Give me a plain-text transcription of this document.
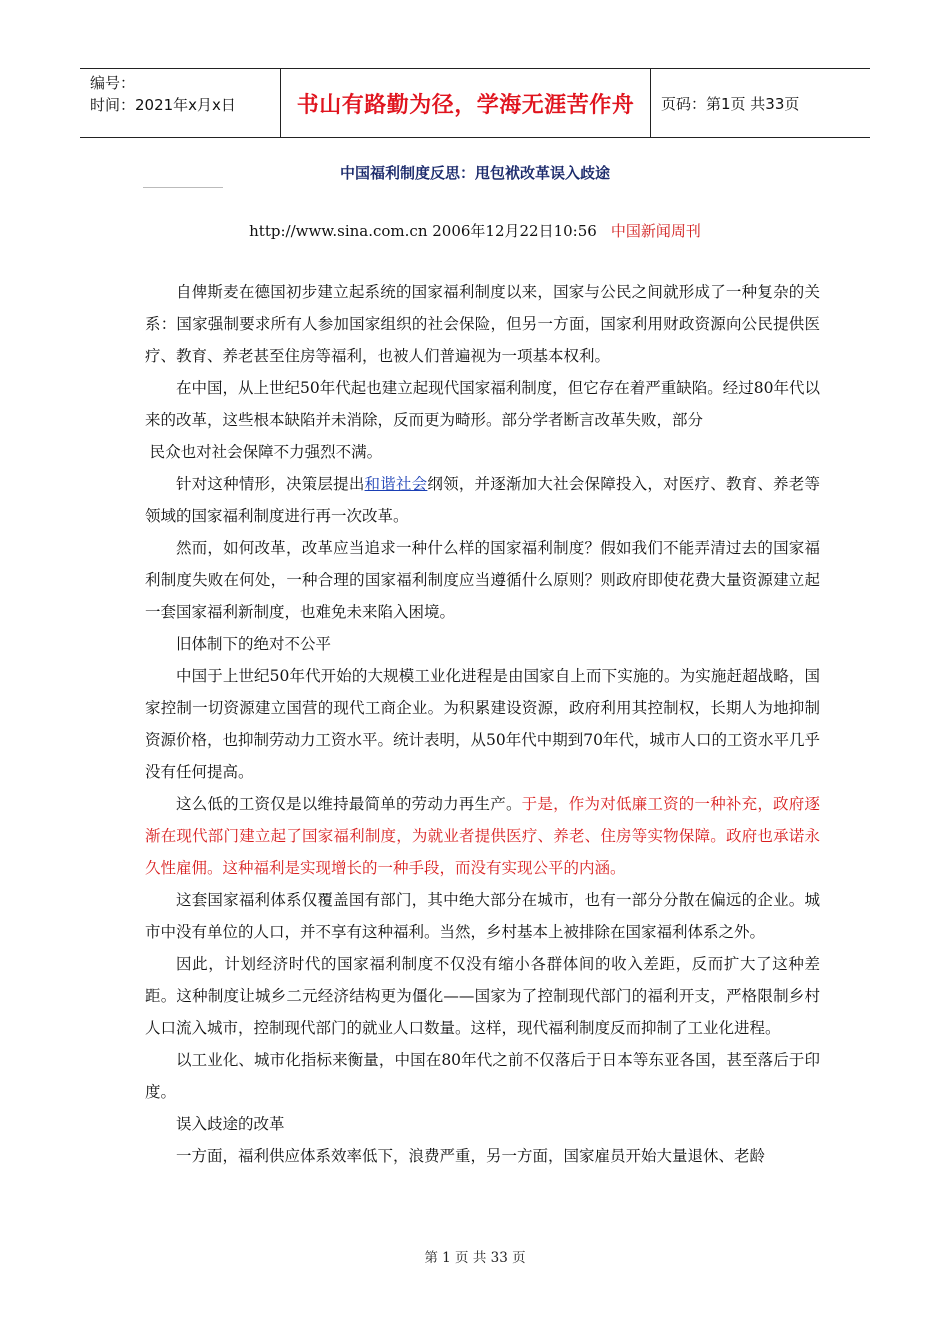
编号：
时间：2021年x月x日	书山有路勤为径，学海无涯苦作舟	页码：第1页 共33页
中国福利制度反思：甩包袱改革误入歧途
http://www.sina.com.cn 2006年12月22日10:56 中国新闻周刊

自俾斯麦在德国初步建立起系统的国家福利制度以来，国家与公民之间就形成了一种复杂的关系：国家强制要求所有人参加国家组织的社会保险，但另一方面，国家利用财政资源向公民提供医疗、教育、养老甚至住房等福利，也被人们普遍视为一项基本权利。

在中国，从上世纪50年代起也建立起现代国家福利制度，但它存在着严重缺陷。经过80年代以来的改革，这些根本缺陷并未消除，反而更为畸形。部分学者断言改革失败，部分

民众也对社会保障不力强烈不满。

针对这种情形，决策层提出和谐社会纲领，并逐渐加大社会保障投入，对医疗、教育、养老等领域的国家福利制度进行再一次改革。

然而，如何改革，改革应当追求一种什么样的国家福利制度？假如我们不能弄清过去的国家福利制度失败在何处，一种合理的国家福利制度应当遵循什么原则？则政府即使花费大量资源建立起一套国家福利新制度，也难免未来陷入困境。

旧体制下的绝对不公平

中国于上世纪50年代开始的大规模工业化进程是由国家自上而下实施的。为实施赶超战略，国家控制一切资源建立国营的现代工商企业。为积累建设资源，政府利用其控制权，长期人为地抑制资源价格，也抑制劳动力工资水平。统计表明，从50年代中期到70年代，城市人口的工资水平几乎没有任何提高。

这么低的工资仅是以维持最简单的劳动力再生产。于是，作为对低廉工资的一种补充，政府逐渐在现代部门建立起了国家福利制度，为就业者提供医疗、养老、住房等实物保障。政府也承诺永久性雇佣。这种福利是实现增长的一种手段，而没有实现公平的内涵。

这套国家福利体系仅覆盖国有部门，其中绝大部分在城市，也有一部分分散在偏远的企业。城市中没有单位的人口，并不享有这种福利。当然，乡村基本上被排除在国家福利体系之外。

因此，计划经济时代的国家福利制度不仅没有缩小各群体间的收入差距，反而扩大了这种差距。这种制度让城乡二元经济结构更为僵化——国家为了控制现代部门的福利开支，严格限制乡村人口流入城市，控制现代部门的就业人口数量。这样，现代福利制度反而抑制了工业化进程。

以工业化、城市化指标来衡量，中国在80年代之前不仅落后于日本等东亚各国，甚至落后于印度。

误入歧途的改革

一方面，福利供应体系效率低下，浪费严重，另一方面，国家雇员开始大量退休、老龄

第 1 页 共 33 页
